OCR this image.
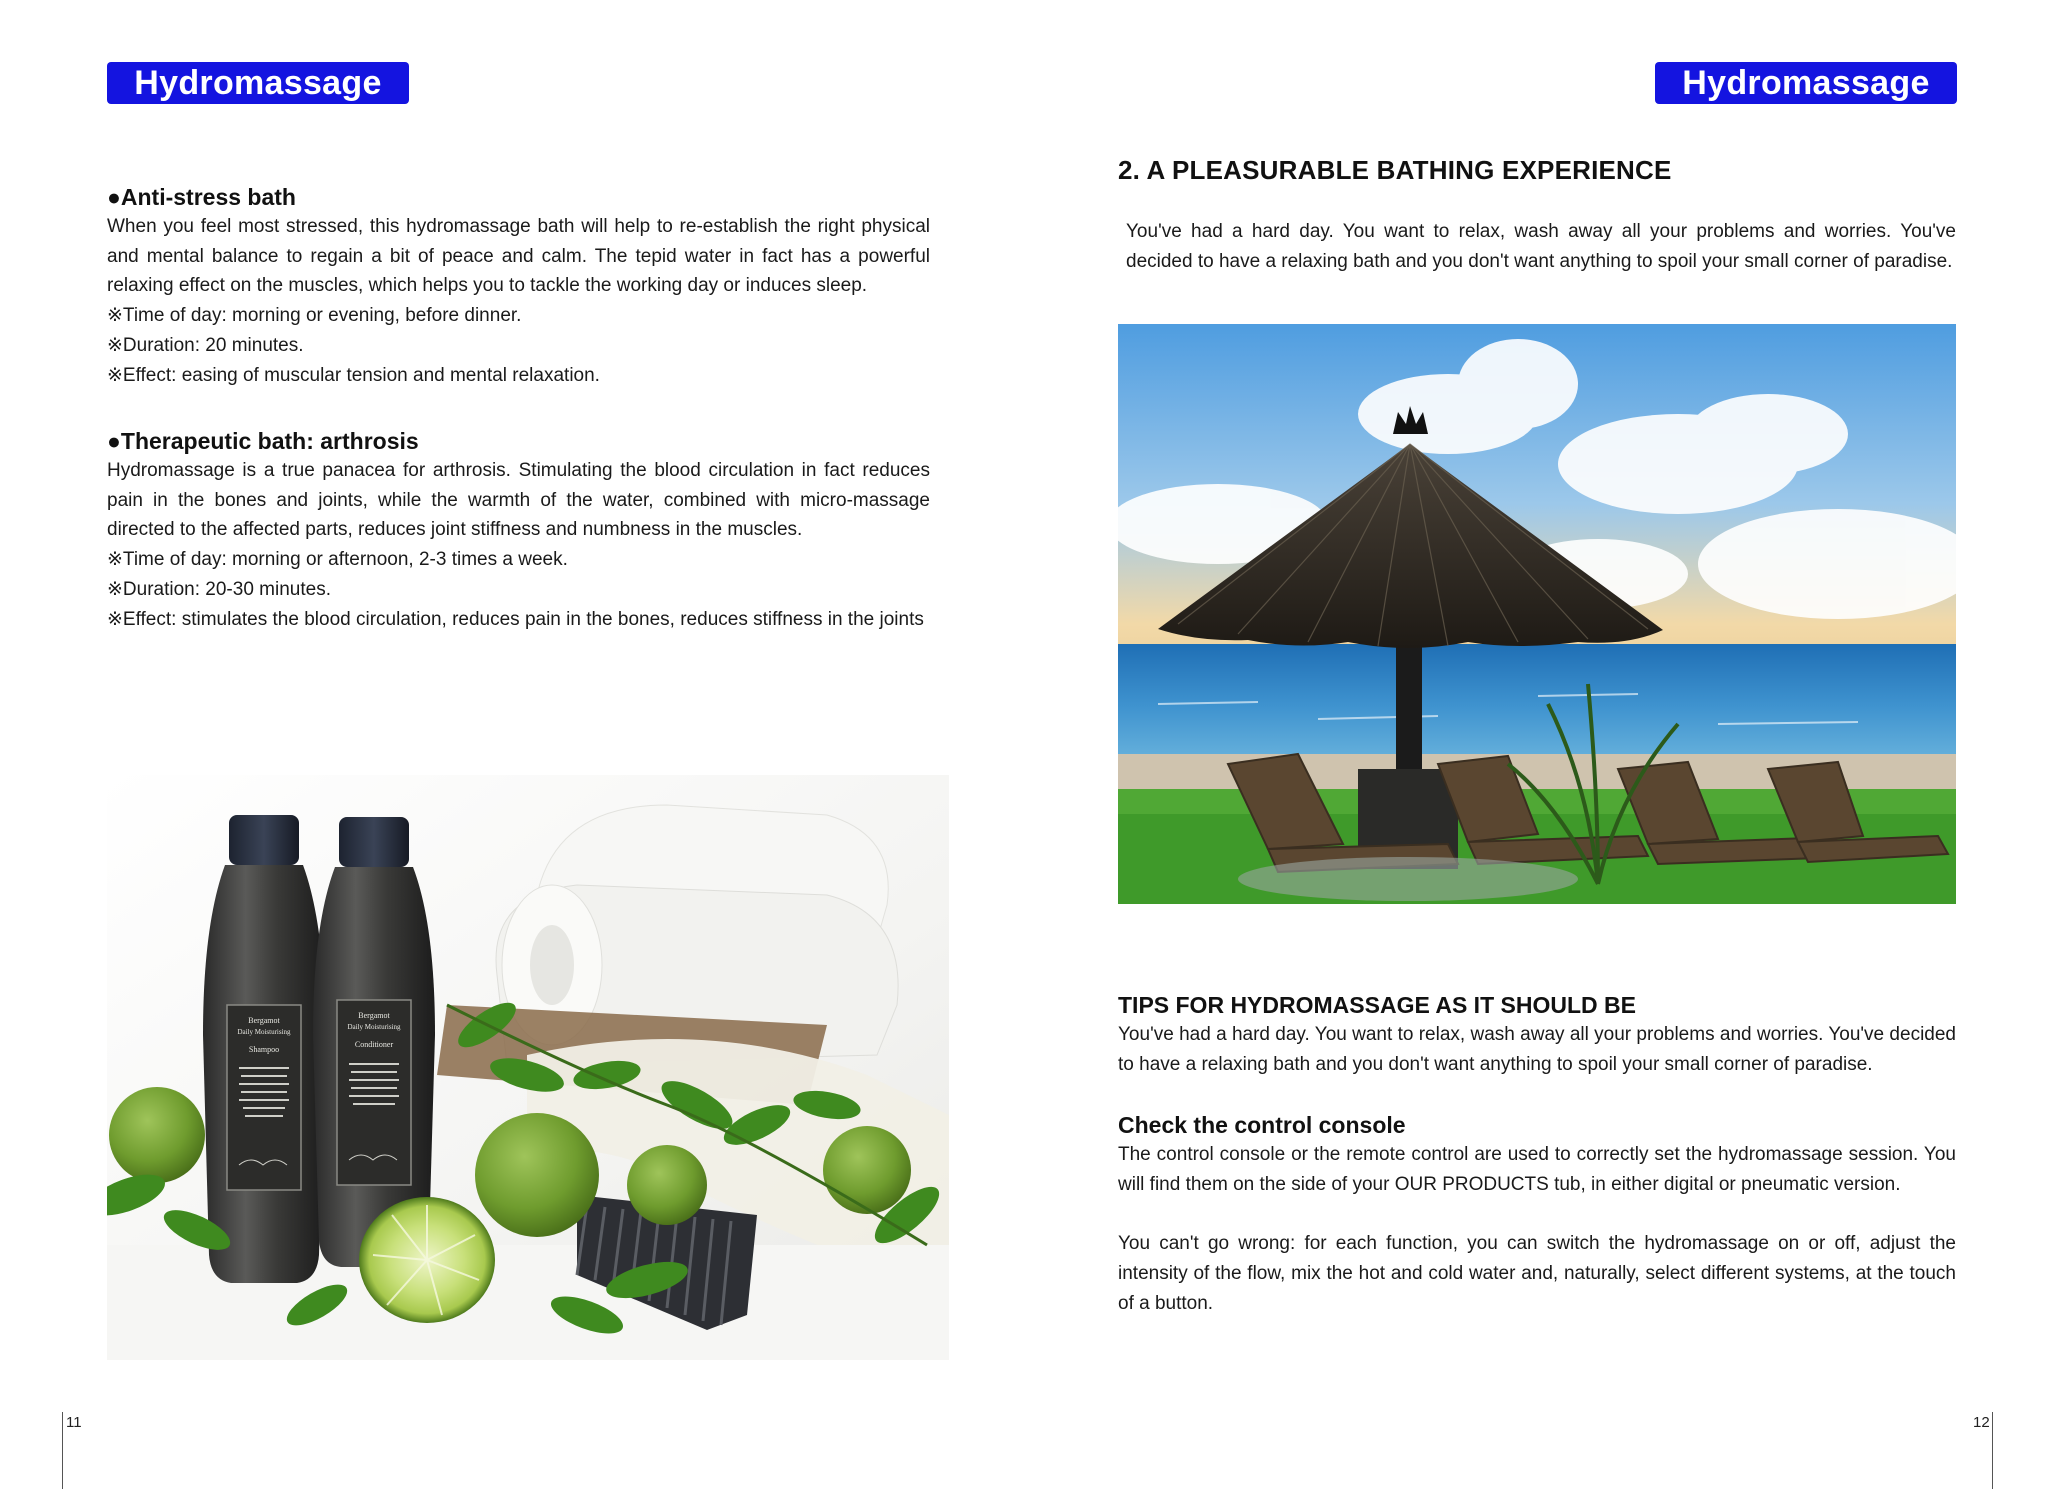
Hydromassage	Hydromassage
●Anti-stress bath

When you feel most stressed, this hydromassage bath will help to re-establish the right physical and mental balance to regain a bit of peace and calm. The tepid water in fact has a powerful relaxing effect on the muscles, which helps you to tackle the working day or induces sleep.

※Time of day: morning or evening, before dinner.
※Duration: 20 minutes.
※Effect: easing of muscular tension and mental relaxation.
●Therapeutic bath: arthrosis

Hydromassage is a true panacea for arthrosis. Stimulating the blood circulation in fact reduces pain in the bones and joints, while the warmth of the water, combined with micro-massage directed to the affected parts, reduces joint stiffness and numbness in the muscles.

※Time of day: morning or afternoon, 2-3 times a week.
※Duration: 20-30 minutes.
※Effect: stimulates the blood circulation, reduces pain in the bones, reduces stiffness in the joints
Bergamot
Daily Moisturising
Shampoo
Bergamot
Daily Moisturising
Conditioner
11
2. A PLEASURABLE BATHING EXPERIENCE

You've had a hard day. You want to relax, wash away all your problems and worries. You've decided to have a relaxing bath and you don't want anything to spoil your small corner of paradise.

TIPS FOR HYDROMASSAGE AS IT SHOULD BE

You've had a hard day. You want to relax, wash away all your problems and worries. You've decided to have a relaxing bath and you don't want anything to spoil your small corner of paradise.

Check the control console

The control console or the remote control are used to correctly set the hydromassage session. You will find them on the side of your OUR PRODUCTS tub, in either digital or pneumatic version.

You can't go wrong: for each function, you can switch the hydromassage on or off, adjust the intensity of the flow, mix the hot and cold water and, naturally, select different systems, at the touch of a button.

12
